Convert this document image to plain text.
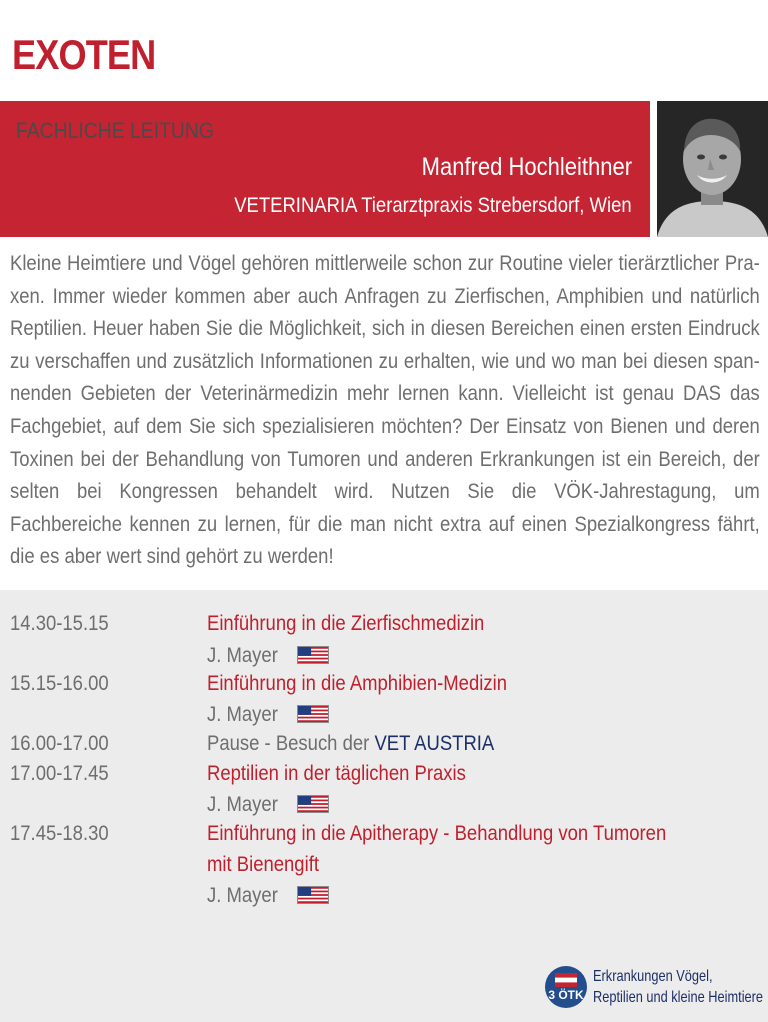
EXOTEN
FACHLICHE LEITUNG
Manfred Hochleithner
VETERINARIA Tierarztpraxis Strebersdorf, Wien

Kleine Heimtiere und Vögel gehören mittlerweile schon zur Routine vieler tierärztlicher Praxen. Immer wieder kommen aber auch Anfragen zu Zierfischen, Amphibien und natürlich Reptilien. Heuer haben Sie die Möglichkeit, sich in diesen Bereichen einen ersten Eindruck zu verschaffen und zusätzlich Informationen zu erhalten, wie und wo man bei diesen spannenden Gebieten der Veterinärmedizin mehr lernen kann. Vielleicht ist genau DAS das Fachgebiet, auf dem Sie sich spezialisieren möchten? Der Einsatz von Bienen und deren Toxinen bei der Behandlung von Tumoren und anderen Erkrankungen ist ein Bereich, der selten bei Kongressen behandelt wird. Nutzen Sie die VÖK-Jahrestagung, um Fachbereiche kennen zu lernen, für die man nicht extra auf einen Spezialkongress fährt, die es aber wert sind gehört zu werden!

14.30-15.15	Einführung in die Zierfischmedizin
J. Mayer
15.15-16.00	Einführung in die Amphibien-Medizin
J. Mayer
16.00-17.00	Pause - Besuch der VET AUSTRIA
17.00-17.45	Reptilien in der täglichen Praxis
J. Mayer
17.45-18.30	Einführung in die Apitherapy - Behandlung von Tumoren
mit Bienengift
J. Mayer
3 ÖTK
Erkrankungen Vögel,
Reptilien und kleine Heimtiere
